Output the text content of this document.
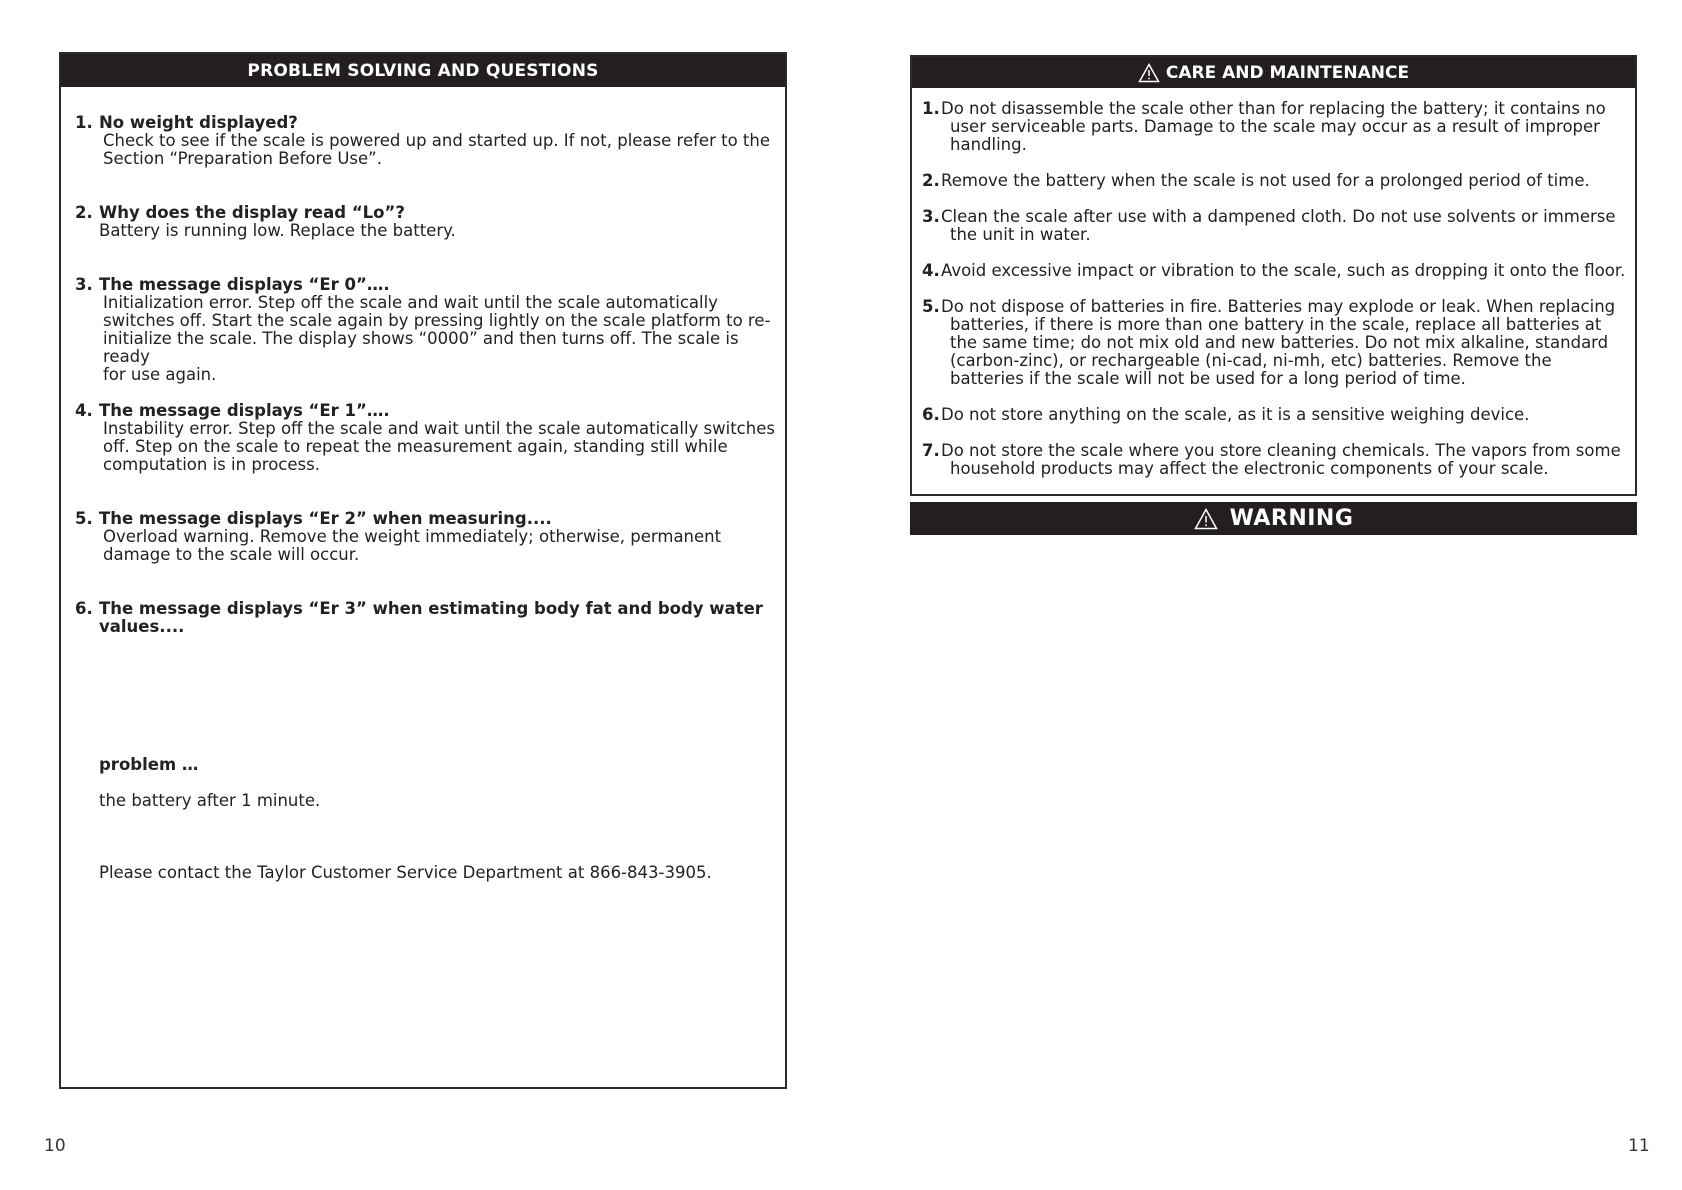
PROBLEM SOLVING AND QUESTIONS
1. No weight displayed?
Check to see if the scale is powered up and started up. If not, please refer to the
Section “Preparation Before Use”.
2. Why does the display read “Lo”?
Battery is running low. Replace the battery.
3. The message displays “Er 0”….
Initialization error. Step off the scale and wait until the scale automatically
switches off. Start the scale again by pressing lightly on the scale platform to re-
initialize the scale. The display shows “0000” and then turns off. The scale is ready
for use again.
4. The message displays “Er 1”….
Instability error. Step off the scale and wait until the scale automatically switches
off. Step on the scale to repeat the measurement again, standing still while
computation is in process.
5. The message displays “Er 2” when measuring....
Overload warning. Remove the weight immediately; otherwise, permanent
damage to the scale will occur.
6. The message displays “Er 3” when estimating body fat and body water values....
problem …
the battery after 1 minute.
Please contact the Taylor Customer Service Department at 866-843-3905.
CARE AND MAINTENANCE
1. Do not disassemble the scale other than for replacing the battery; it contains no
user serviceable parts. Damage to the scale may occur as a result of improper
handling.
2. Remove the battery when the scale is not used for a prolonged period of time.
3. Clean the scale after use with a dampened cloth. Do not use solvents or immerse
the unit in water.
4. Avoid excessive impact or vibration to the scale, such as dropping it onto the floor.
5. Do not dispose of batteries in fire. Batteries may explode or leak. When replacing
batteries, if there is more than one battery in the scale, replace all batteries at
the same time; do not mix old and new batteries. Do not mix alkaline, standard
(carbon-zinc), or rechargeable (ni-cad, ni-mh, etc) batteries. Remove the
batteries if the scale will not be used for a long period of time.
6. Do not store anything on the scale, as it is a sensitive weighing device.
7. Do not store the scale where you store cleaning chemicals. The vapors from some
household products may affect the electronic components of your scale.
WARNING
10	11
